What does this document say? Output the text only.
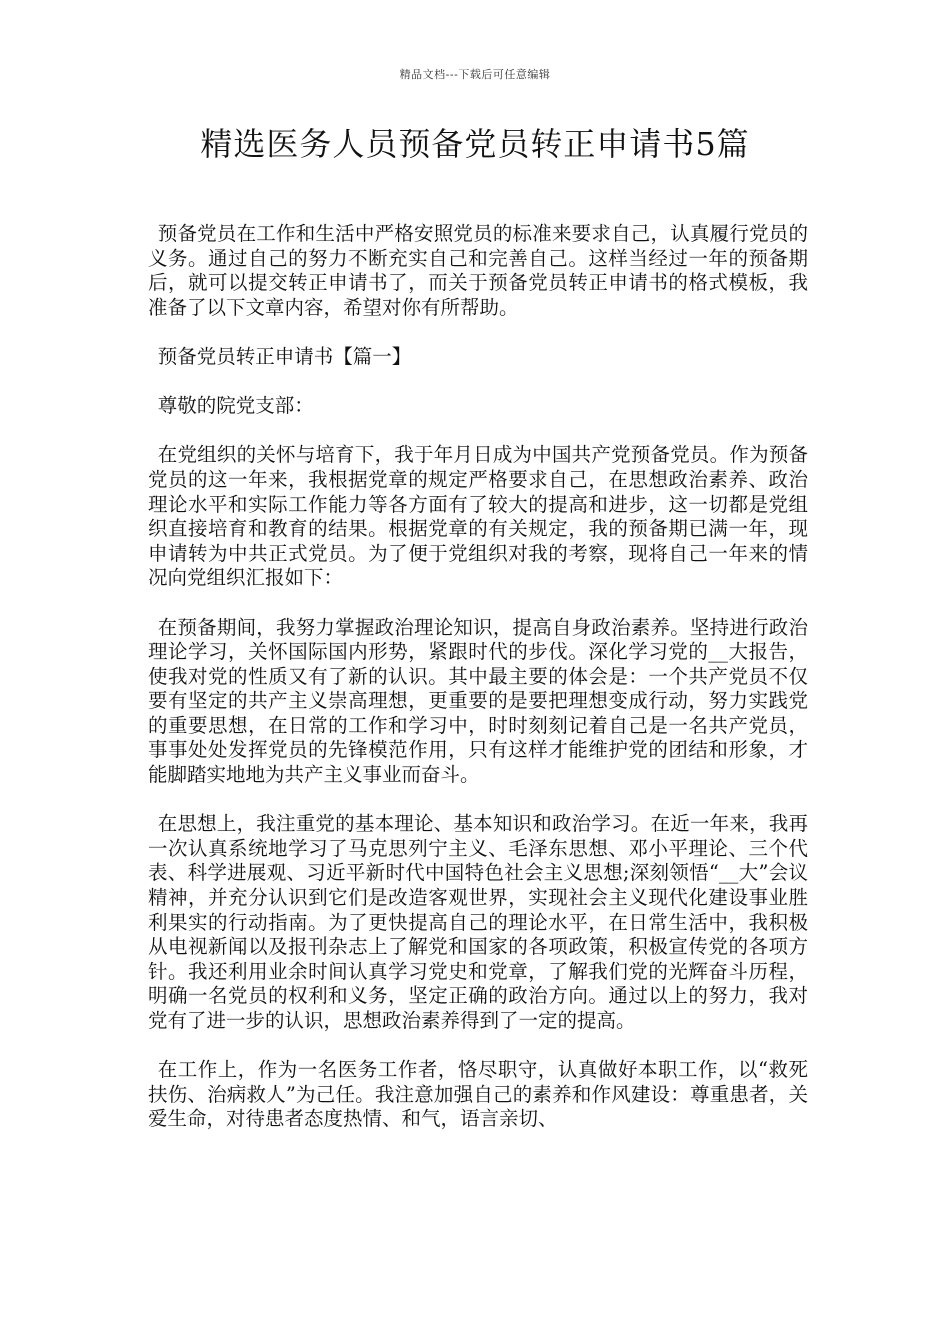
精品文档---下载后可任意编辑
精选医务人员预备党员转正申请书5篇

预备党员在工作和生活中严格安照党员的标准来要求自己，认真履行党员的义务。通过自己的努力不断充实自己和完善自己。这样当经过一年的预备期后，就可以提交转正申请书了，而关于预备党员转正申请书的格式模板，我准备了以下文章内容，希望对你有所帮助。

预备党员转正申请书【篇一】

尊敬的院党支部：

在党组织的关怀与培育下，我于年月日成为中国共产党预备党员。作为预备党员的这一年来，我根据党章的规定严格要求自己，在思想政治素养、政治理论水平和实际工作能力等各方面有了较大的提高和进步，这一切都是党组织直接培育和教育的结果。根据党章的有关规定，我的预备期已满一年，现申请转为中共正式党员。为了便于党组织对我的考察，现将自己一年来的情况向党组织汇报如下：

在预备期间，我努力掌握政治理论知识，提高自身政治素养。坚持进行政治理论学习，关怀国际国内形势，紧跟时代的步伐。深化学习党的__大报告，使我对党的性质又有了新的认识。其中最主要的体会是：一个共产党员不仅要有坚定的共产主义崇高理想，更重要的是要把理想变成行动，努力实践党的重要思想，在日常的工作和学习中，时时刻刻记着自己是一名共产党员，事事处处发挥党员的先锋模范作用，只有这样才能维护党的团结和形象，才能脚踏实地地为共产主义事业而奋斗。

在思想上，我注重党的基本理论、基本知识和政治学习。在近一年来，我再一次认真系统地学习了马克思列宁主义、毛泽东思想、邓小平理论、三个代表、科学进展观、习近平新时代中国特色社会主义思想;深刻领悟“__大”会议精神，并充分认识到它们是改造客观世界，实现社会主义现代化建设事业胜利果实的行动指南。为了更快提高自己的理论水平，在日常生活中，我积极从电视新闻以及报刊杂志上了解党和国家的各项政策，积极宣传党的各项方针。我还利用业余时间认真学习党史和党章，了解我们党的光辉奋斗历程，明确一名党员的权利和义务，坚定正确的政治方向。通过以上的努力，我对党有了进一步的认识，思想政治素养得到了一定的提高。

在工作上，作为一名医务工作者，恪尽职守，认真做好本职工作，以“救死扶伤、治病救人”为己任。我注意加强自己的素养和作风建设：尊重患者，关爱生命，对待患者态度热情、和气，语言亲切、
